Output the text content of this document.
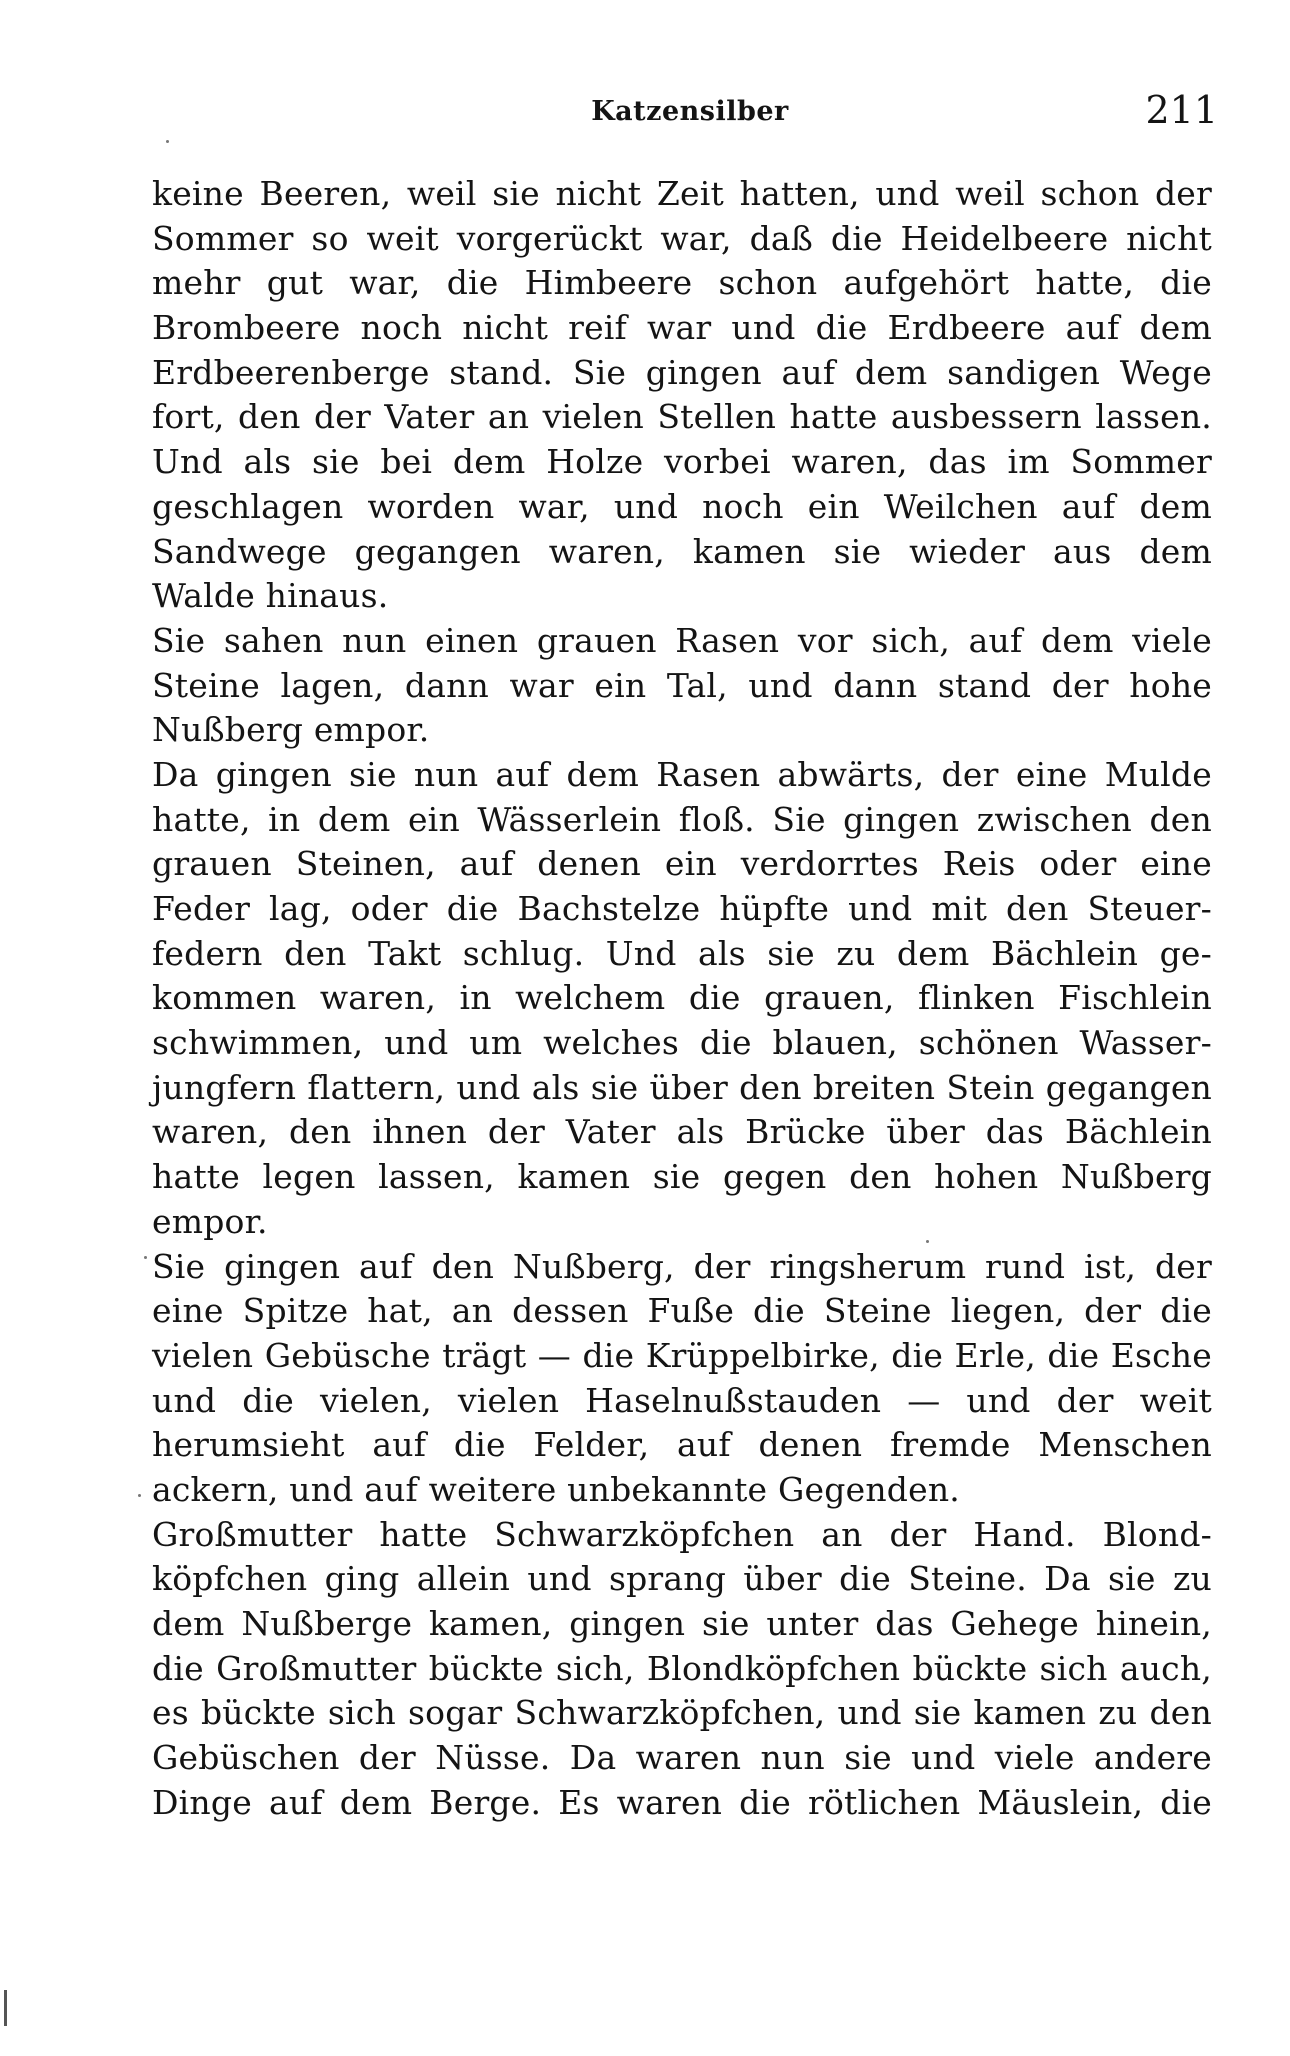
Katzensilber	211
keine Beeren, weil sie nicht Zeit hatten, und weil schon der
Sommer so weit vorgerückt war, daß die Heidelbeere nicht
mehr gut war, die Himbeere schon aufgehört hatte, die
Brombeere noch nicht reif war und die Erdbeere auf dem
Erdbeerenberge stand. Sie gingen auf dem sandigen Wege
fort, den der Vater an vielen Stellen hatte ausbessern lassen.
Und als sie bei dem Holze vorbei waren, das im Sommer
geschlagen worden war, und noch ein Weilchen auf dem
Sandwege gegangen waren, kamen sie wieder aus dem
Walde hinaus.
Sie sahen nun einen grauen Rasen vor sich, auf dem viele
Steine lagen, dann war ein Tal, und dann stand der hohe
Nußberg empor.
Da gingen sie nun auf dem Rasen abwärts, der eine Mulde
hatte, in dem ein Wässerlein floß. Sie gingen zwischen den
grauen Steinen, auf denen ein verdorrtes Reis oder eine
Feder lag, oder die Bachstelze hüpfte und mit den Steuer-
federn den Takt schlug. Und als sie zu dem Bächlein ge-
kommen waren, in welchem die grauen, flinken Fischlein
schwimmen, und um welches die blauen, schönen Wasser-
jungfern flattern, und als sie über den breiten Stein gegangen
waren, den ihnen der Vater als Brücke über das Bächlein
hatte legen lassen, kamen sie gegen den hohen Nußberg
empor.
Sie gingen auf den Nußberg, der ringsherum rund ist, der
eine Spitze hat, an dessen Fuße die Steine liegen, der die
vielen Gebüsche trägt — die Krüppelbirke, die Erle, die Esche
und die vielen, vielen Haselnußstauden — und der weit
herumsieht auf die Felder, auf denen fremde Menschen
ackern, und auf weitere unbekannte Gegenden.
Großmutter hatte Schwarzköpfchen an der Hand. Blond-
köpfchen ging allein und sprang über die Steine. Da sie zu
dem Nußberge kamen, gingen sie unter das Gehege hinein,
die Großmutter bückte sich, Blondköpfchen bückte sich auch,
es bückte sich sogar Schwarzköpfchen, und sie kamen zu den
Gebüschen der Nüsse. Da waren nun sie und viele andere
Dinge auf dem Berge. Es waren die rötlichen Mäuslein, die
